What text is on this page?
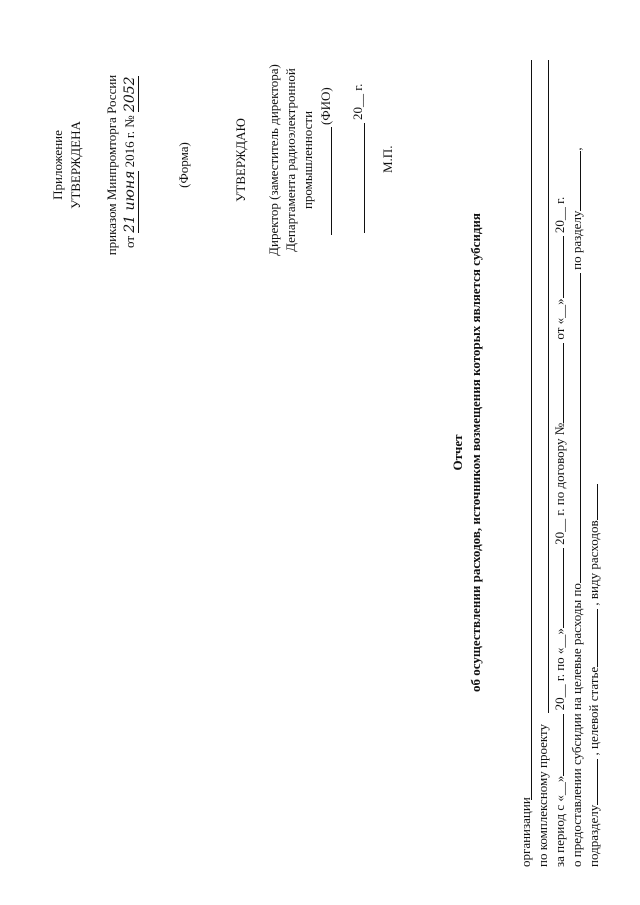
Приложение УТВЕРЖДЕНА приказом Минпромторга России от 21 июня 2016 г. № 2052
(Форма)	УТВЕРЖДАЮ Директор (заместитель директора) Департамента радиоэлектронной промышленности
(ФИО) 20__ г.
М.П.
Отчет об осуществлении расходов, источником возмещения которых является субсидия
организации по комплексному проекту за период с «__» 20__ г. по «__» 20__ г. по договору № от «__» 20__ г.
о предоставлении субсидии на целевые расходы по по разделу,
подразделу , целевой статье , виду расходов
